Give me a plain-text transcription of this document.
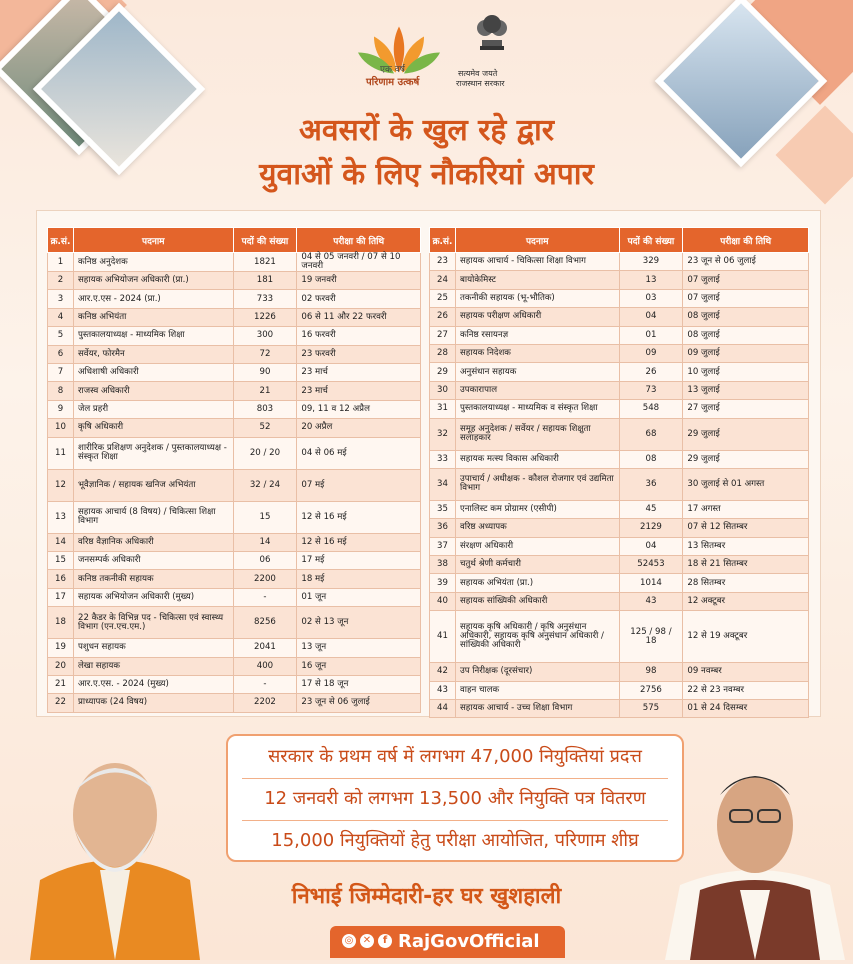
एक वर्ष
परिणाम उत्कर्ष
सत्यमेव जयते
राजस्थान सरकार
अवसरों के खुल रहे द्वार
युवाओं के लिए नौकरियां अपार
क्र.सं.	पदनाम	पदों की संख्या	परीक्षा की तिथि
1	कनिष्ठ अनुदेशक	1821	04 से 05 जनवरी / 07 से 10 जनवरी
2	सहायक अभियोजन अधिकारी (प्रा.)	181	19 जनवरी
3	आर.ए.एस - 2024 (प्रा.)	733	02 फरवरी
4	कनिष्ठ अभियंता	1226	06 से 11 और 22 फरवरी
5	पुस्तकालयाध्यक्ष - माध्यमिक शिक्षा	300	16 फरवरी
6	सर्वेयर, फोरमैन	72	23 फरवरी
7	अधिशाषी अधिकारी	90	23 मार्च
8	राजस्व अधिकारी	21	23 मार्च
9	जेल प्रहरी	803	09, 11 व 12 अप्रैल
10	कृषि अधिकारी	52	20 अप्रैल
11	शारीरिक प्रशिक्षण अनुदेशक / पुस्तकालयाध्यक्ष - संस्कृत शिक्षा	20 / 20	04 से 06 मई
12	भूवैज्ञानिक / सहायक खनिज अभियंता	32 / 24	07 मई
13	सहायक आचार्य (8 विषय) / चिकित्सा शिक्षा विभाग	15	12 से 16 मई
14	वरिष्ठ वैज्ञानिक अधिकारी	14	12 से 16 मई
15	जनसम्पर्क अधिकारी	06	17 मई
16	कनिष्ठ तकनीकी सहायक	2200	18 मई
17	सहायक अभियोजन अधिकारी (मुख्य)	-	01 जून
18	22 कैडर के विभिन्न पद - चिकित्सा एवं स्वास्थ्य विभाग (एन.एच.एम.)	8256	02 से 13 जून
19	पशुधन सहायक	2041	13 जून
20	लेखा सहायक	400	16 जून
21	आर.ए.एस. - 2024 (मुख्य)	-	17 से 18 जून
22	प्राध्यापक (24 विषय)	2202	23 जून से 06 जुलाई
क्र.सं.	पदनाम	पदों की संख्या	परीक्षा की तिथि
23	सहायक आचार्य - चिकित्सा शिक्षा विभाग	329	23 जून से 06 जुलाई
24	बायोकेमिस्ट	13	07 जुलाई
25	तकनीकी सहायक (भू-भौतिक)	03	07 जुलाई
26	सहायक परीक्षण अधिकारी	04	08 जुलाई
27	कनिष्ठ रसायनज्ञ	01	08 जुलाई
28	सहायक निदेशक	09	09 जुलाई
29	अनुसंधान सहायक	26	10 जुलाई
30	उपकारापाल	73	13 जुलाई
31	पुस्तकालयाध्यक्ष - माध्यमिक व संस्कृत शिक्षा	548	27 जुलाई
32	समूह अनुदेशक / सर्वेयर / सहायक शिक्षुता सलाहकार	68	29 जुलाई
33	सहायक मत्स्य विकास अधिकारी	08	29 जुलाई
34	उपाचार्य / अधीक्षक - कौशल रोजगार एवं उद्यमिता विभाग	36	30 जुलाई से 01 अगस्त
35	एनालिस्ट कम प्रोग्रामर (एसीपी)	45	17 अगस्त
36	वरिष्ठ अध्यापक	2129	07 से 12 सितम्बर
37	संरक्षण अधिकारी	04	13 सितम्बर
38	चतुर्थ श्रेणी कर्मचारी	52453	18 से 21 सितम्बर
39	सहायक अभियंता (प्रा.)	1014	28 सितम्बर
40	सहायक सांख्यिकी अधिकारी	43	12 अक्टूबर
41	सहायक कृषि अधिकारी / कृषि अनुसंधान अधिकारी, सहायक कृषि अनुसंधान अधिकारी / सांख्यिकी अधिकारी	125 / 98 / 18	12 से 19 अक्टूबर
42	उप निरीक्षक (दूरसंचार)	98	09 नवम्बर
43	वाहन चालक	2756	22 से 23 नवम्बर
44	सहायक आचार्य - उच्च शिक्षा विभाग	575	01 से 24 दिसम्बर
सरकार के प्रथम वर्ष में लगभग 47,000 नियुक्तियां प्रदत्त
12 जनवरी को लगभग 13,500 और नियुक्ति पत्र वितरण
15,000 नियुक्तियों हेतु परीक्षा आयोजित, परिणाम शीघ्र
निभाई जिम्मेदारी-हर घर खुशहाली
◎ ✕	f RajGovOfficial
